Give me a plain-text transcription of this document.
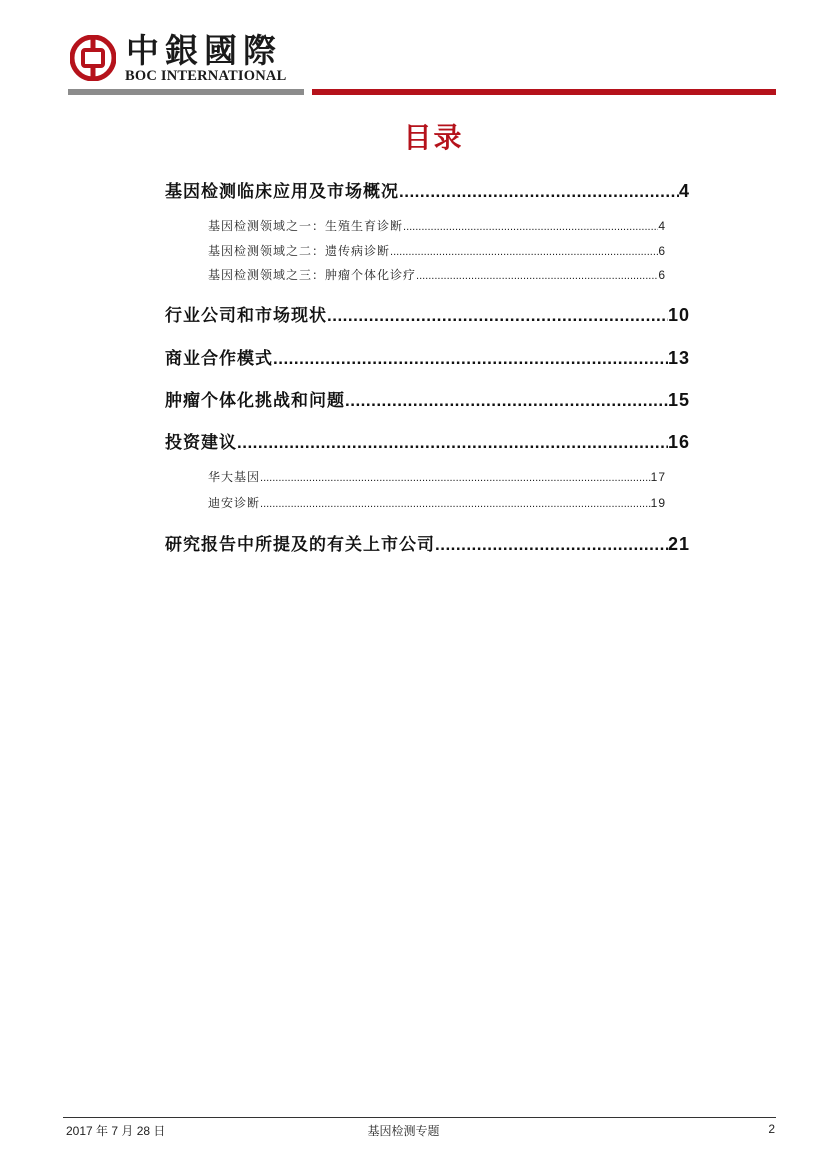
中銀國際
BOC INTERNATIONAL
目录
基因检测临床应用及市场概况 .....	4
基因检测领域之一：生殖生育诊断 .....	4
基因检测领域之二：遗传病诊断 .....	6
基因检测领域之三：肿瘤个体化诊疗 .....	6
行业公司和市场现状 .....	10
商业合作模式 .....	13
肿瘤个体化挑战和问题 .....	15
投资建议 .....	16
华大基因 .....	17
迪安诊断 .....	19
研究报告中所提及的有关上市公司 .....	21
2017 年 7 月 28 日	基因检测专题	2
